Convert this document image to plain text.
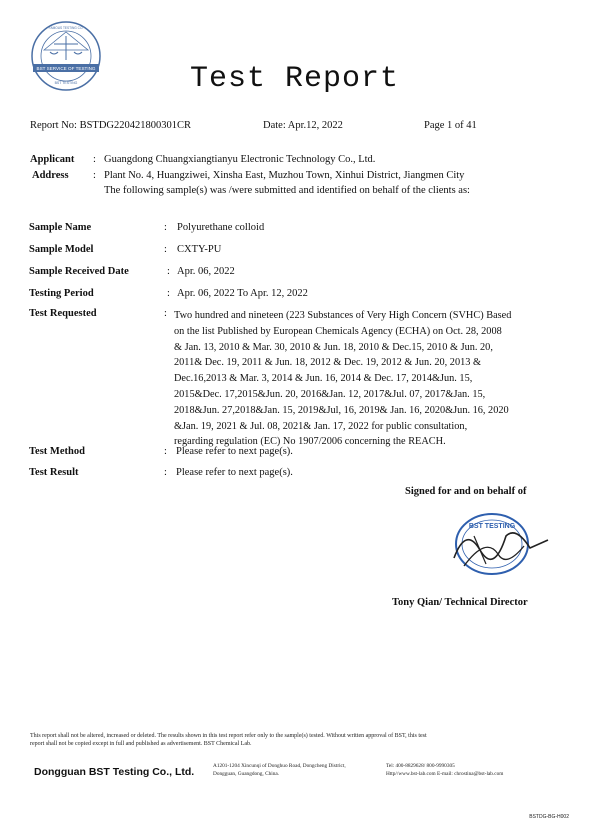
BST SERVICE OF TESTING
FAMOUS TESTING CO.
BST TESTING	Test Report
Report No: BSTDG220421800301CR	Date: Apr.12, 2022	Page 1 of 41
Applicant : Guangdong Chuangxiangtianyu Electronic Technology Co., Ltd.
Address : Plant No. 4, Huangziwei, Xinsha East, Muzhou Town, Xinhui District, Jiangmen City
The following sample(s) was /were submitted and identified on behalf of the clients as:
Sample Name	: Polyurethane colloid
Sample Model	: CXTY-PU
Sample Received Date	: Apr. 06, 2022
Testing Period	: Apr. 06, 2022 To Apr. 12, 2022
Test Requested	: Two hundred and nineteen (223 Substances of Very High Concern (SVHC) Based
on the list Published by European Chemicals Agency (ECHA) on Oct. 28, 2008
& Jan. 13, 2010 & Mar. 30, 2010 & Jun. 18, 2010 & Dec.15, 2010 & Jun. 20,
2011& Dec. 19, 2011 & Jun. 18, 2012 & Dec. 19, 2012 & Jun. 20, 2013 &
Dec.16,2013 & Mar. 3, 2014 & Jun. 16, 2014 & Dec. 17, 2014&Jun. 15,
2015&Dec. 17,2015&Jun. 20, 2016&Jan. 12, 2017&Jul. 07, 2017&Jan. 15,
2018&Jun. 27,2018&Jan. 15, 2019&Jul, 16, 2019& Jan. 16, 2020&Jun. 16, 2020
&Jan. 19, 2021 & Jul. 08, 2021& Jan. 17, 2022 for public consultation,
regarding regulation (EC) No 1907/2006 concerning the REACH.
Test Method	: Please refer to next page(s).
Test Result	: Please refer to next page(s).
Signed for and on behalf of
BST TESTING
Tony Qian/ Technical Director
This report shall not be altered, increased or deleted. The results shown in this test report refer only to the sample(s) tested. Without written approval of BST, this test
report shall not be copied except in full and published as advertisement. BST Chemical Lab.
Dongguan BST Testing Co., Ltd.	A1201-1204 Xincunqi of Donghuo Road, Dongcheng District,
Dongguan, Guangdong, China.
Tel: 400-8829628/ 800-9990305
Http//www.bst-lab.com E-mail: chrostina@bst-lab.com
BSTDG-BG-H002
